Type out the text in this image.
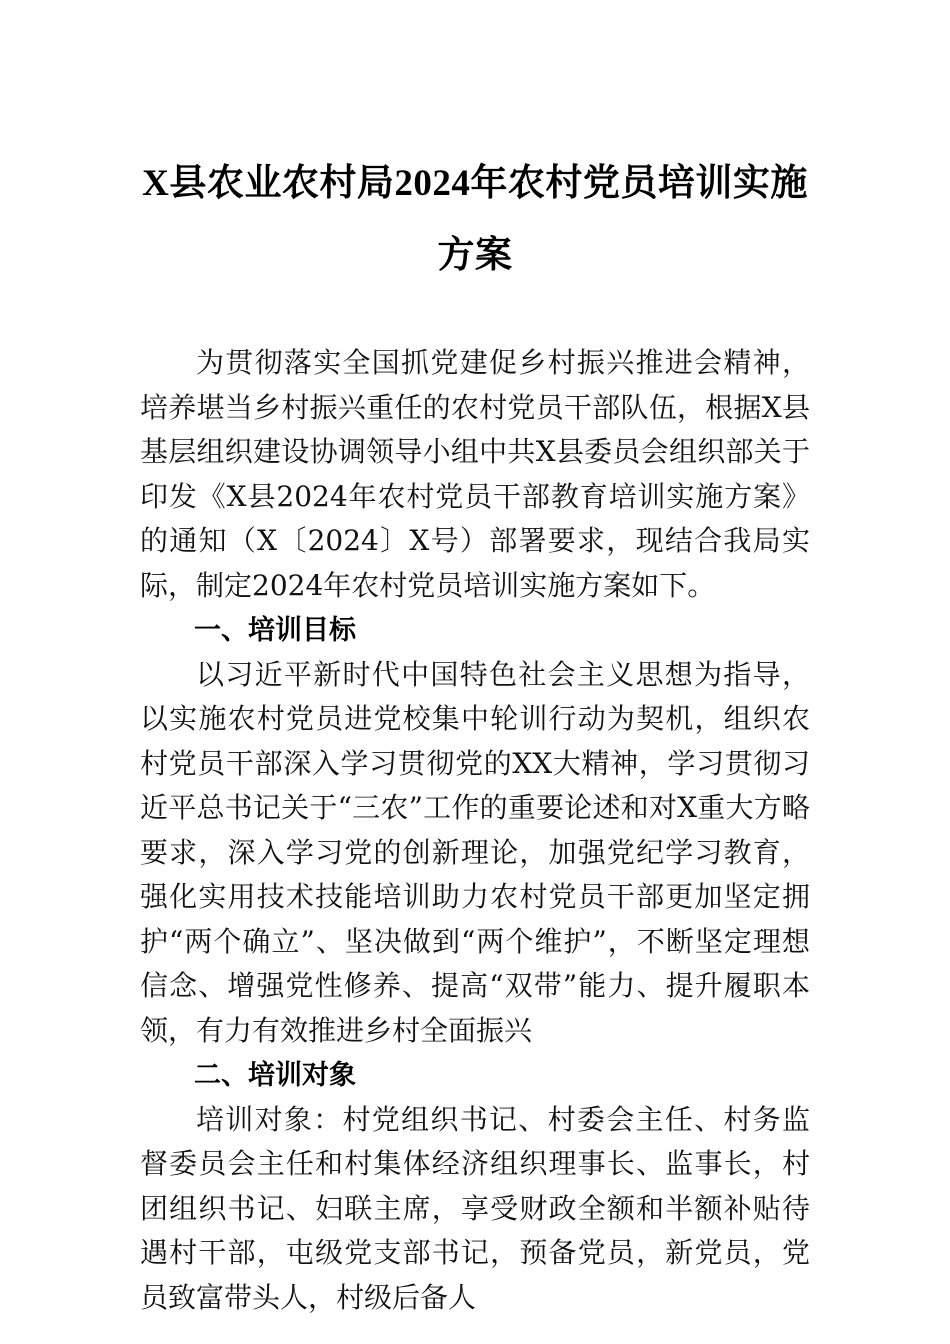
X县农业农村局2024年农村党员培训实施
方案

为贯彻落实全国抓党建促乡村振兴推进会精神，培养堪当乡村振兴重任的农村党员干部队伍，根据X县基层组织建设协调领导小组中共X县委员会组织部关于印发《X县2024年农村党员干部教育培训实施方案》的通知（X〔2024〕X号）部署要求，现结合我局实际，制定2024年农村党员培训实施方案如下。

一、培训目标

以习近平新时代中国特色社会主义思想为指导，以实施农村党员进党校集中轮训行动为契机，组织农村党员干部深入学习贯彻党的XX大精神，学习贯彻习近平总书记关于“三农”工作的重要论述和对X重大方略要求，深入学习党的创新理论，加强党纪学习教育，强化实用技术技能培训助力农村党员干部更加坚定拥护“两个确立”、坚决做到“两个维护”，不断坚定理想信念、增强党性修养、提高“双带”能力、提升履职本领，有力有效推进乡村全面振兴

二、培训对象

培训对象：村党组织书记、村委会主任、村务监督委员会主任和村集体经济组织理事长、监事长，村团组织书记、妇联主席，享受财政全额和半额补贴待遇村干部，屯级党支部书记，预备党员，新党员，党员致富带头人，村级后备人
